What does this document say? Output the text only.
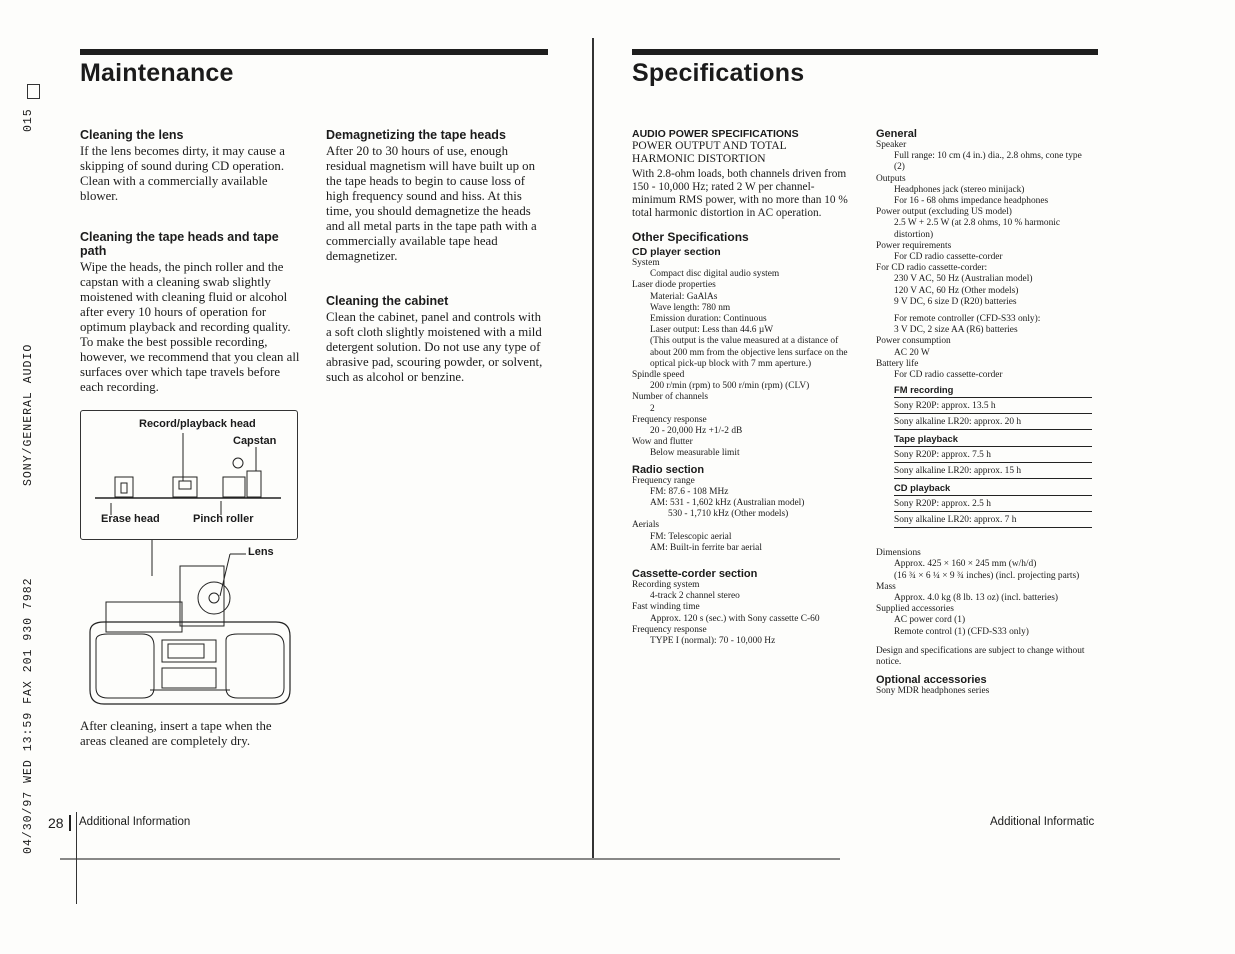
015
SONY/GENERAL AUDIO
04/30/97 WED 13:59 FAX 201 930 7982
Maintenance
Cleaning the lens

If the lens becomes dirty, it may cause a skipping of sound during CD operation. Clean with a commercially available blower.

Cleaning the tape heads and tape path

Wipe the heads, the pinch roller and the capstan with a cleaning swab slightly moistened with cleaning fluid or alcohol after every 10 hours of operation for optimum playback and recording quality. To make the best possible recording, however, we recommend that you clean all surfaces over which tape travels before each recording.

Record/playback head
Capstan
Erase head	Pinch roller
Lens

After cleaning, insert a tape when the areas cleaned are completely dry.

Demagnetizing the tape heads

After 20 to 30 hours of use, enough residual magnetism will have built up on the tape heads to begin to cause loss of high frequency sound and hiss. At this time, you should demagnetize the heads and all metal parts in the tape path with a commercially available tape head demagnetizer.

Cleaning the cabinet

Clean the cabinet, panel and controls with a soft cloth slightly moistened with a mild detergent solution. Do not use any type of abrasive pad, scouring powder, or solvent, such as alcohol or benzine.

28 Additional Information
Specifications
AUDIO POWER SPECIFICATIONS
POWER OUTPUT AND TOTAL
HARMONIC DISTORTION

With 2.8-ohm loads, both channels driven from 150 - 10,000 Hz; rated 2 W per channel-minimum RMS power, with no more than 10 % total harmonic distortion in AC operation.

Other Specifications
CD player section
System
Compact disc digital audio system
Laser diode properties
Material: GaAlAs
Wave length: 780 nm
Emission duration: Continuous
Laser output: Less than 44.6 µW
(This output is the value measured at a distance of about 200 mm from the objective lens surface on the optical pick-up block with 7 mm aperture.)
Spindle speed
200 r/min (rpm) to 500 r/min (rpm) (CLV)
Number of channels
2
Frequency response
20 - 20,000 Hz +1/-2 dB
Wow and flutter
Below measurable limit
Radio section
Frequency range
FM: 87.6 - 108 MHz
AM: 531 - 1,602 kHz (Australian model)
530 - 1,710 kHz (Other models)
Aerials
FM: Telescopic aerial
AM: Built-in ferrite bar aerial
Cassette-corder section
Recording system
4-track 2 channel stereo
Fast winding time
Approx. 120 s (sec.) with Sony cassette C-60
Frequency response
TYPE I (normal): 70 - 10,000 Hz
General
Speaker
Full range: 10 cm (4 in.) dia., 2.8 ohms, cone type (2)
Outputs
Headphones jack (stereo minijack)
For 16 - 68 ohms impedance headphones
Power output (excluding US model)
2.5 W + 2.5 W (at 2.8 ohms, 10 % harmonic distortion)
Power requirements
For CD radio cassette-corder
For CD radio cassette-corder:
230 V AC, 50 Hz (Australian model)
120 V AC, 60 Hz (Other models)
9 V DC, 6 size D (R20) batteries
For remote controller (CFD-S33 only):
3 V DC, 2 size AA (R6) batteries
Power consumption
AC 20 W
Battery life
For CD radio cassette-corder
FM recording
Sony R20P: approx. 13.5 h
Sony alkaline LR20: approx. 20 h
Tape playback
Sony R20P: approx. 7.5 h
Sony alkaline LR20: approx. 15 h
CD playback
Sony R20P: approx. 2.5 h
Sony alkaline LR20: approx. 7 h
Dimensions
Approx. 425 × 160 × 245 mm (w/h/d)
(16 ¾ × 6 ¼ × 9 ¾ inches) (incl. projecting parts)
Mass
Approx. 4.0 kg (8 lb. 13 oz) (incl. batteries)
Supplied accessories
AC power cord (1)
Remote control (1) (CFD-S33 only)

Design and specifications are subject to change without notice.

Optional accessories

Sony MDR headphones series

Additional Informatic
